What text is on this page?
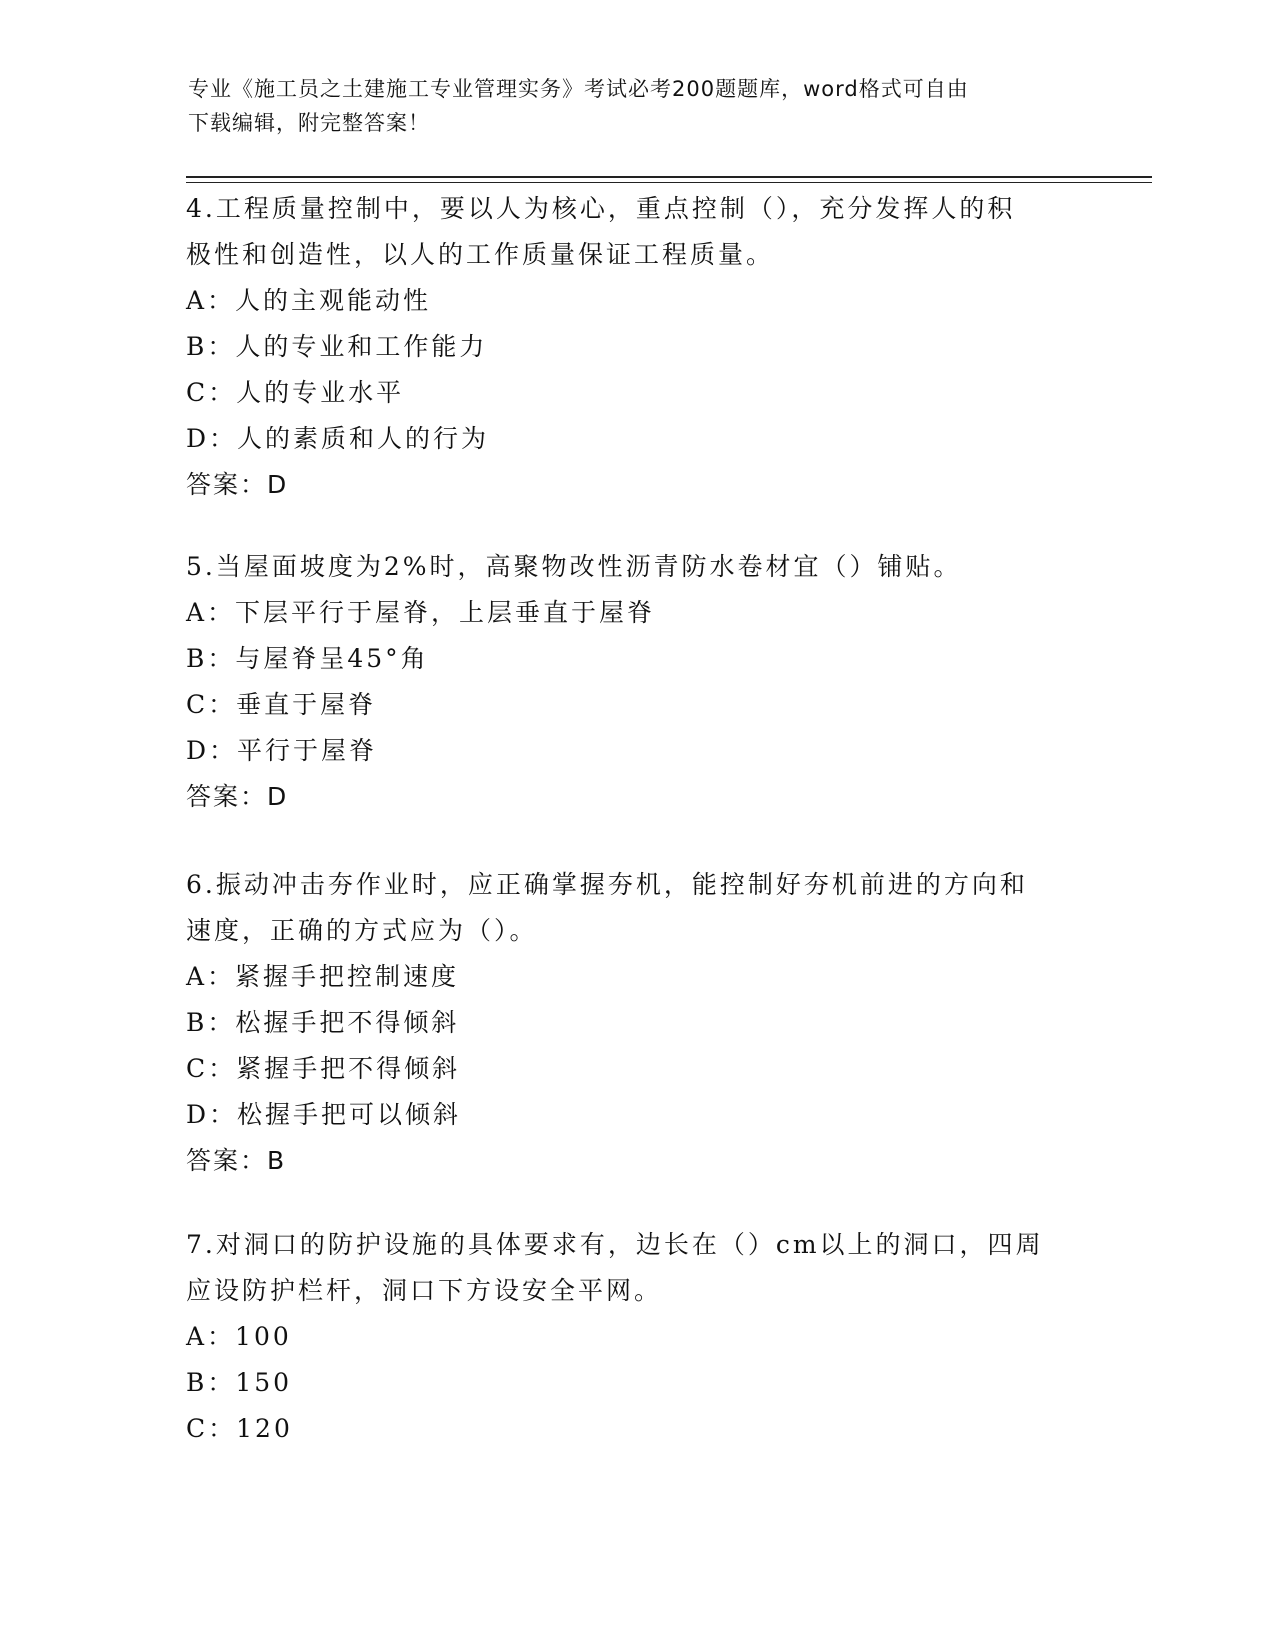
专业《施工员之土建施工专业管理实务》考试必考200题题库，word格式可自由
下载编辑，附完整答案！
4.工程质量控制中，要以人为核心，重点控制（），充分发挥人的积
极性和创造性，以人的工作质量保证工程质量。
A：人的主观能动性
B：人的专业和工作能力
C：人的专业水平
D：人的素质和人的行为
答案：D
5.当屋面坡度为2%时，高聚物改性沥青防水卷材宜（）铺贴。
A：下层平行于屋脊，上层垂直于屋脊
B：与屋脊呈45°角
C：垂直于屋脊
D：平行于屋脊
答案：D
6.振动冲击夯作业时，应正确掌握夯机，能控制好夯机前进的方向和
速度，正确的方式应为（）。
A：紧握手把控制速度
B：松握手把不得倾斜
C：紧握手把不得倾斜
D：松握手把可以倾斜
答案：B
7.对洞口的防护设施的具体要求有，边长在（）cm以上的洞口，四周
应设防护栏杆，洞口下方设安全平网。
A：100
B：150
C：120
